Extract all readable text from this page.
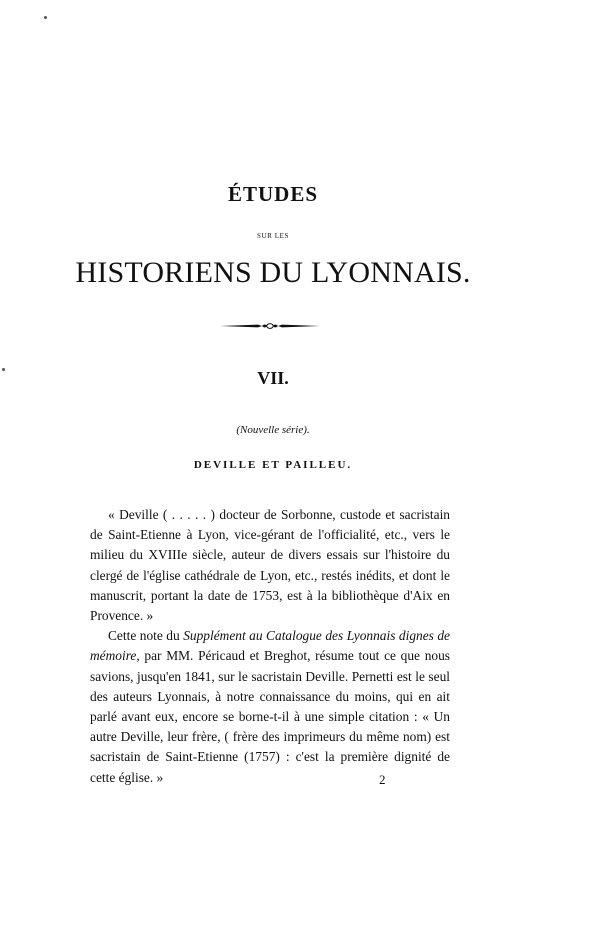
ÉTUDES
SUR LES
HISTORIENS DU LYONNAIS.
VII.
(Nouvelle série).
DEVILLE ET PAILLEU.

« Deville ( . . . . . ) docteur de Sorbonne, custode et sacristain de Saint-Etienne à Lyon, vice-gérant de l'officialité, etc., vers le milieu du XVIIIe siècle, auteur de divers essais sur l'histoire du clergé de l'église cathédrale de Lyon, etc., restés inédits, et dont le manuscrit, portant la date de 1753, est à la bibliothèque d'Aix en Provence. »

Cette note du Supplément au Catalogue des Lyonnais dignes de mémoire, par MM. Péricaud et Breghot, résume tout ce que nous savions, jusqu'en 1841, sur le sacristain Deville. Pernetti est le seul des auteurs Lyonnais, à notre connaissance du moins, qui en ait parlé avant eux, encore se borne-t-il à une simple citation : « Un autre Deville, leur frère, ( frère des imprimeurs du même nom) est sacristain de Saint-Etienne (1757) : c'est la première dignité de cette église. »	2
